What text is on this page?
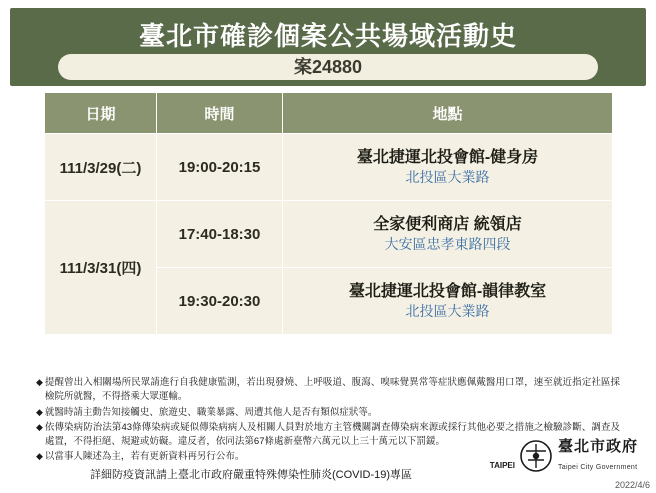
臺北市確診個案公共場域活動史
案24880
日期	時間	地點
111/3/29(二)	19:00-20:15	臺北捷運北投會館-健身房
北投區大業路

111/3/31(四)	17:40-18:30	全家便利商店 統領店
大安區忠孝東路四段

	19:30-20:30	臺北捷運北投會館-韻律教室
北投區大業路
◆ 提醒曾出入相關場所民眾請進行自我健康監測，若出現發燒、上呼吸道、腹瀉、嗅味覺異常等症狀應佩戴醫用口罩，速至就近指定社區採檢院所就醫，不得搭乘大眾運輸。
◆ 就醫時請主動告知接觸史、旅遊史、職業暴露、周遭其他人是否有類似症狀等。
◆ 依傳染病防治法第43條傳染病或疑似傳染病病人及相關人員對於地方主管機關調查傳染病來源或採行其他必要之措施之檢驗診斷、調查及處置，不得拒絕、規避或妨礙。違反者，依同法第67條處新臺幣六萬元以上三十萬元以下罰鍰。
◆ 以當事人陳述為主，若有更新資料再另行公布。
詳細防疫資訊請上臺北市政府嚴重特殊傳染性肺炎(COVID-19)專區
TAIPEI
臺北市政府
Taipei City Government
2022/4/6
